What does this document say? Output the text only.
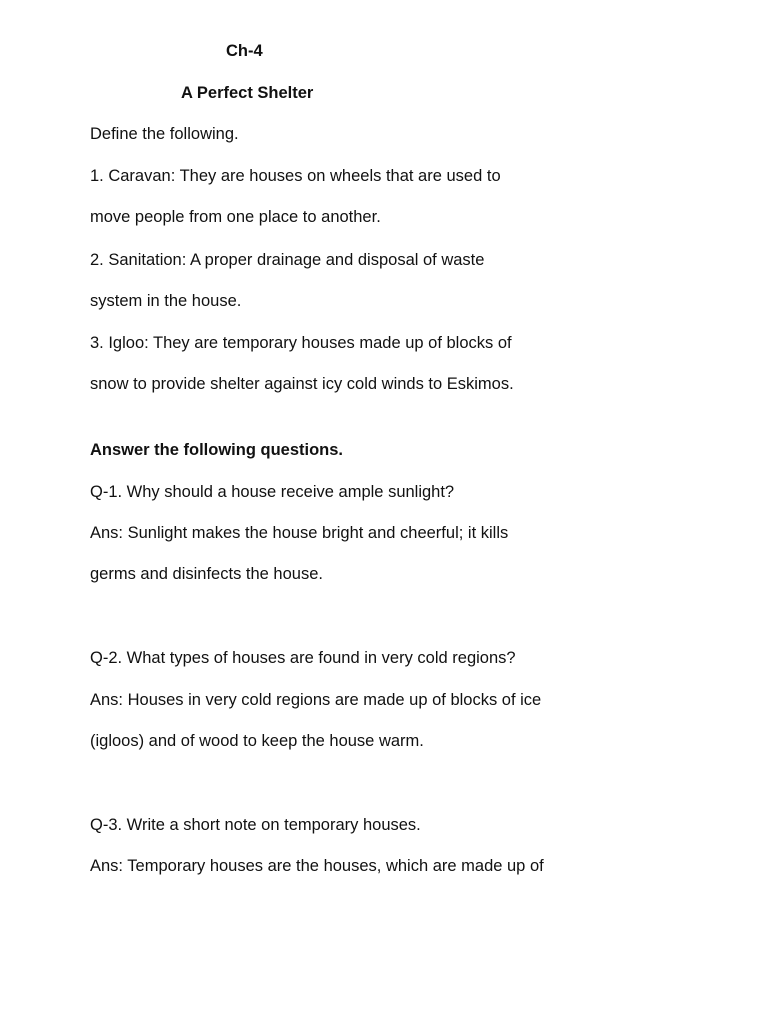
Ch-4
A Perfect Shelter
Define the following.
1. Caravan: They are houses on wheels that are used to
move people from one place to another.
2. Sanitation: A proper drainage and disposal of waste
system in the house.
3. Igloo: They are temporary houses made up of blocks of
snow to provide shelter against icy cold winds to Eskimos.
Answer the following questions.
Q-1. Why should a house receive ample sunlight?
Ans: Sunlight makes the house bright and cheerful; it kills
germs and disinfects the house.
Q-2. What types of houses are found in very cold regions?
Ans: Houses in very cold regions are made up of blocks of ice
(igloos) and of wood to keep the house warm.
Q-3. Write a short note on temporary houses.
Ans: Temporary houses are the houses, which are made up of
